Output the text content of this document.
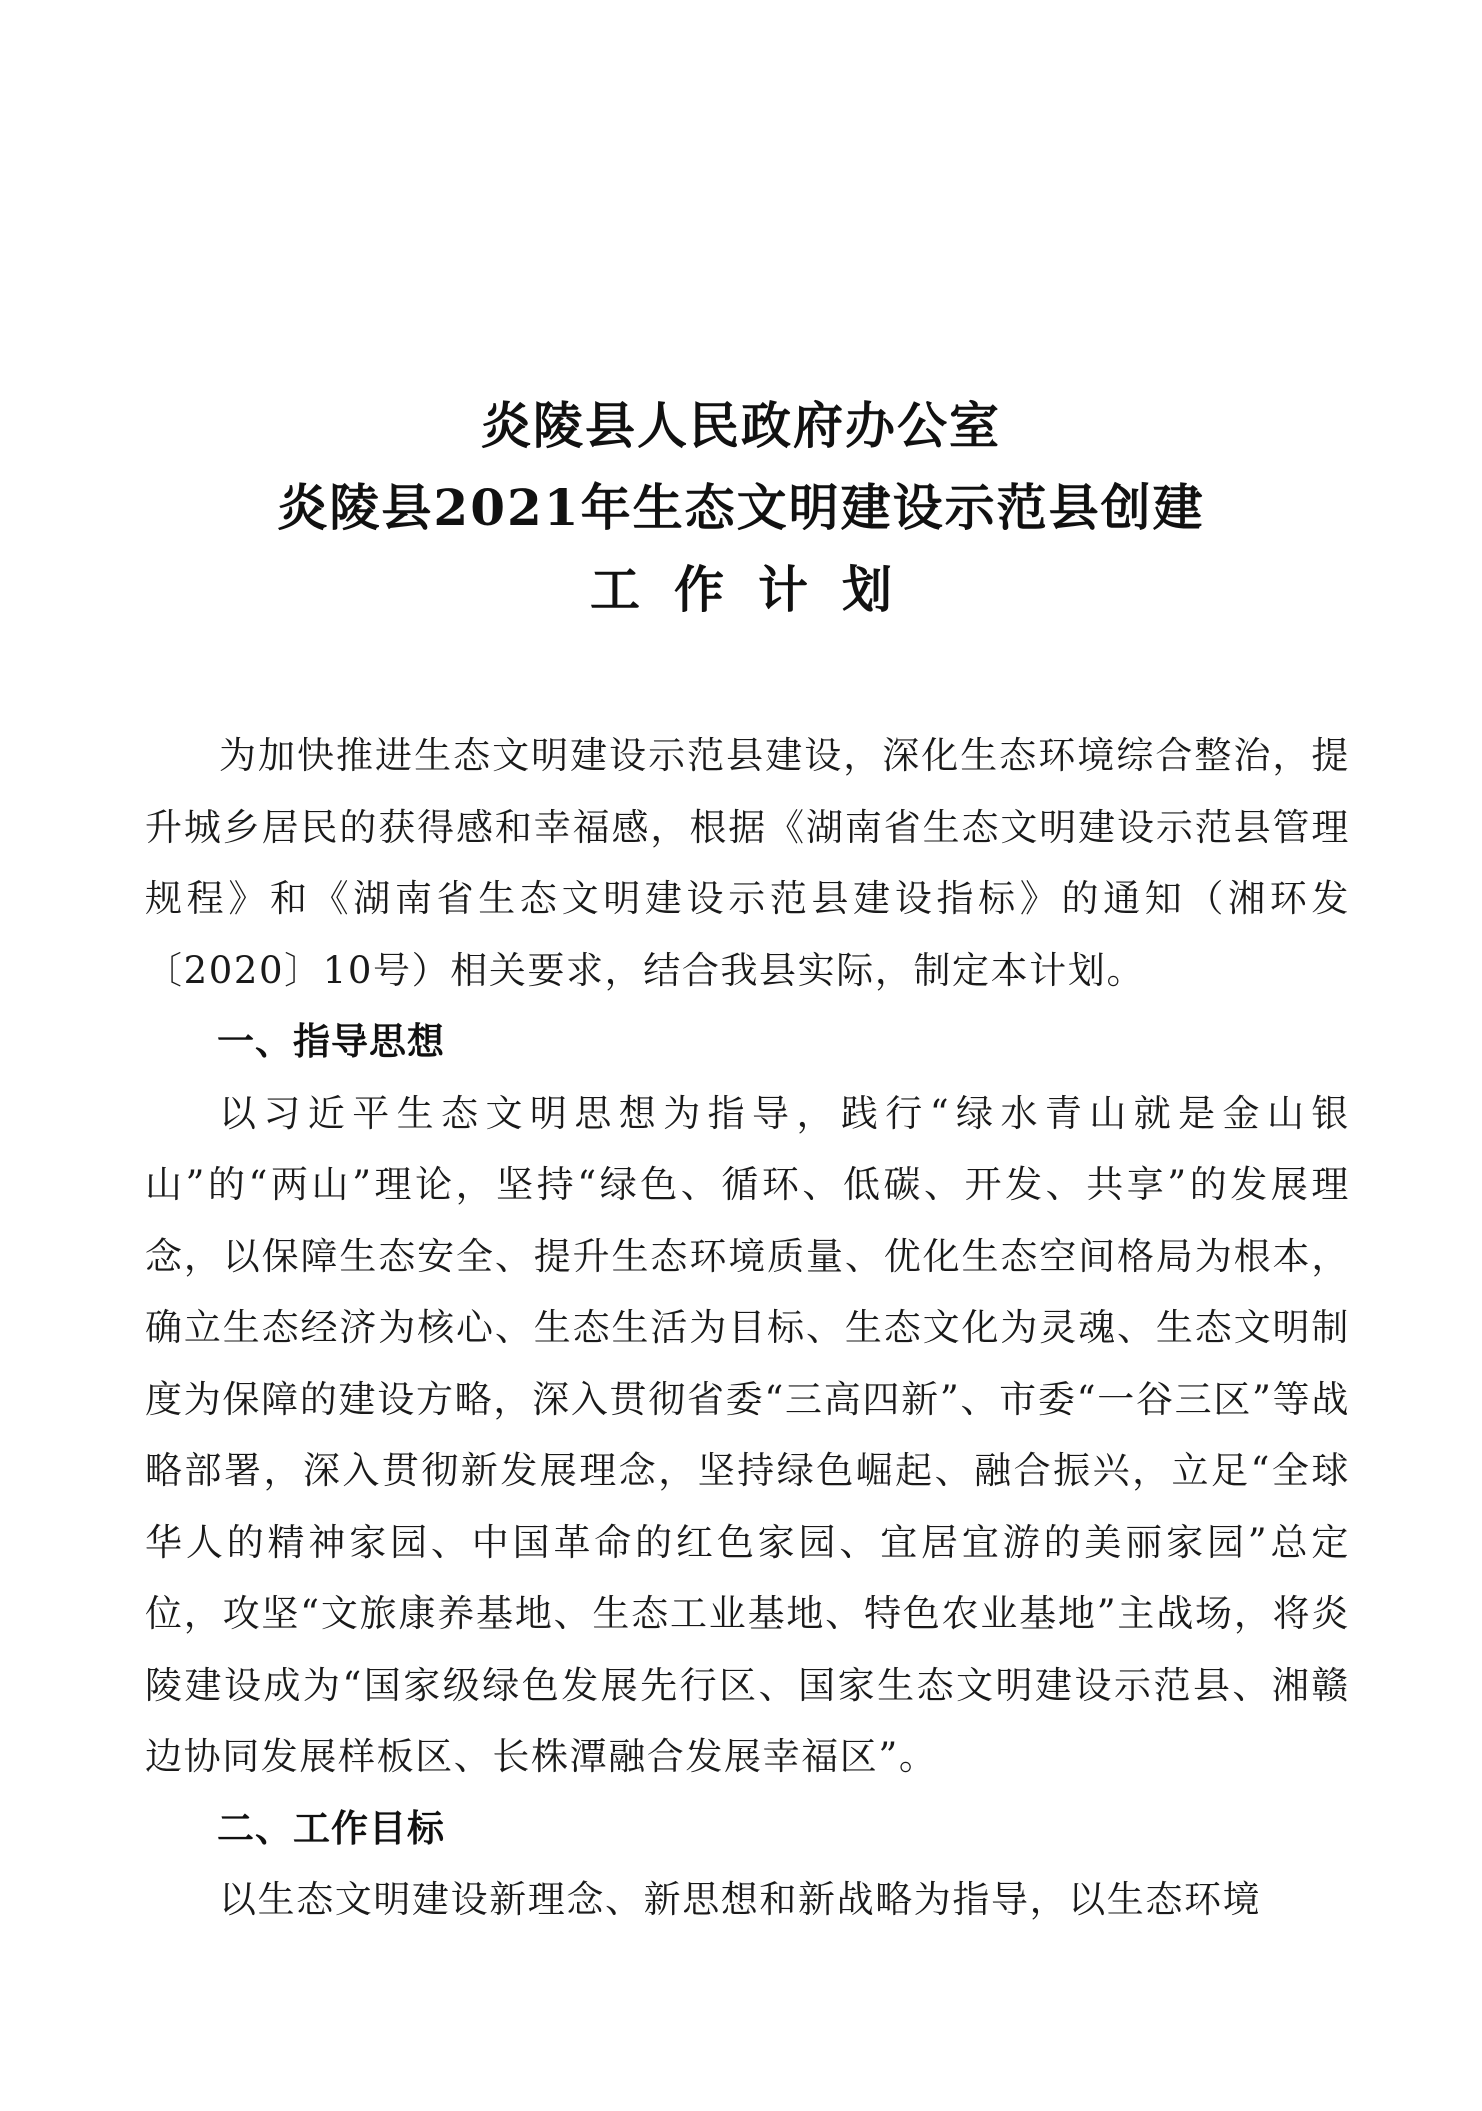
炎陵县人民政府办公室
炎陵县2021年生态文明建设示范县创建
工作计划

为加快推进生态文明建设示范县建设，深化生态环境综合整治，提升城乡居民的获得感和幸福感，根据《湖南省生态文明建设示范县管理规程》和《湖南省生态文明建设示范县建设指标》的通知（湘环发〔2020〕10号）相关要求，结合我县实际，制定本计划。

一、指导思想

以习近平生态文明思想为指导，践行“绿水青山就是金山银山”的“两山”理论，坚持“绿色、循环、低碳、开发、共享”的发展理念，以保障生态安全、提升生态环境质量、优化生态空间格局为根本，确立生态经济为核心、生态生活为目标、生态文化为灵魂、生态文明制度为保障的建设方略，深入贯彻省委“三高四新”、市委“一谷三区”等战略部署，深入贯彻新发展理念，坚持绿色崛起、融合振兴，立足“全球华人的精神家园、中国革命的红色家园、宜居宜游的美丽家园”总定位，攻坚“文旅康养基地、生态工业基地、特色农业基地”主战场，将炎陵建设成为“国家级绿色发展先行区、国家生态文明建设示范县、湘赣边协同发展样板区、长株潭融合发展幸福区”。

二、工作目标

以生态文明建设新理念、新思想和新战略为指导，以生态环境
